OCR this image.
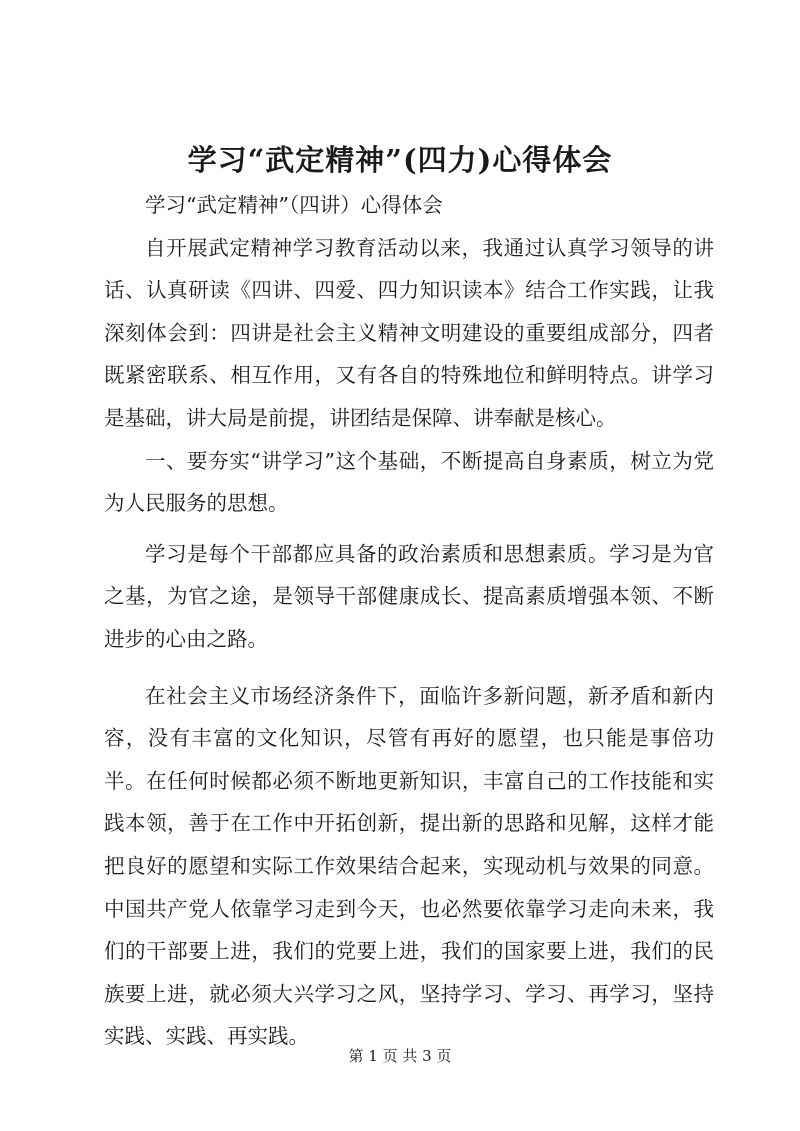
学习“武定精神”(四力)心得体会

学习“武定精神”（四讲）心得体会

自开展武定精神学习教育活动以来，我通过认真学习领导的讲话、认真研读《四讲、四爱、四力知识读本》结合工作实践，让我深刻体会到：四讲是社会主义精神文明建设的重要组成部分，四者既紧密联系、相互作用，又有各自的特殊地位和鲜明特点。讲学习是基础，讲大局是前提，讲团结是保障、讲奉献是核心。

一、要夯实“讲学习”这个基础，不断提高自身素质，树立为党为人民服务的思想。

学习是每个干部都应具备的政治素质和思想素质。学习是为官之基，为官之途，是领导干部健康成长、提高素质增强本领、不断进步的心由之路。

在社会主义市场经济条件下，面临许多新问题，新矛盾和新内容，没有丰富的文化知识，尽管有再好的愿望，也只能是事倍功半。在任何时候都必须不断地更新知识，丰富自己的工作技能和实践本领，善于在工作中开拓创新，提出新的思路和见解，这样才能把良好的愿望和实际工作效果结合起来，实现动机与效果的同意。中国共产党人依靠学习走到今天，也必然要依靠学习走向未来，我们的干部要上进，我们的党要上进，我们的国家要上进，我们的民族要上进，就必须大兴学习之风，坚持学习、学习、再学习，坚持实践、实践、再实践。

第 1 页 共 3 页
